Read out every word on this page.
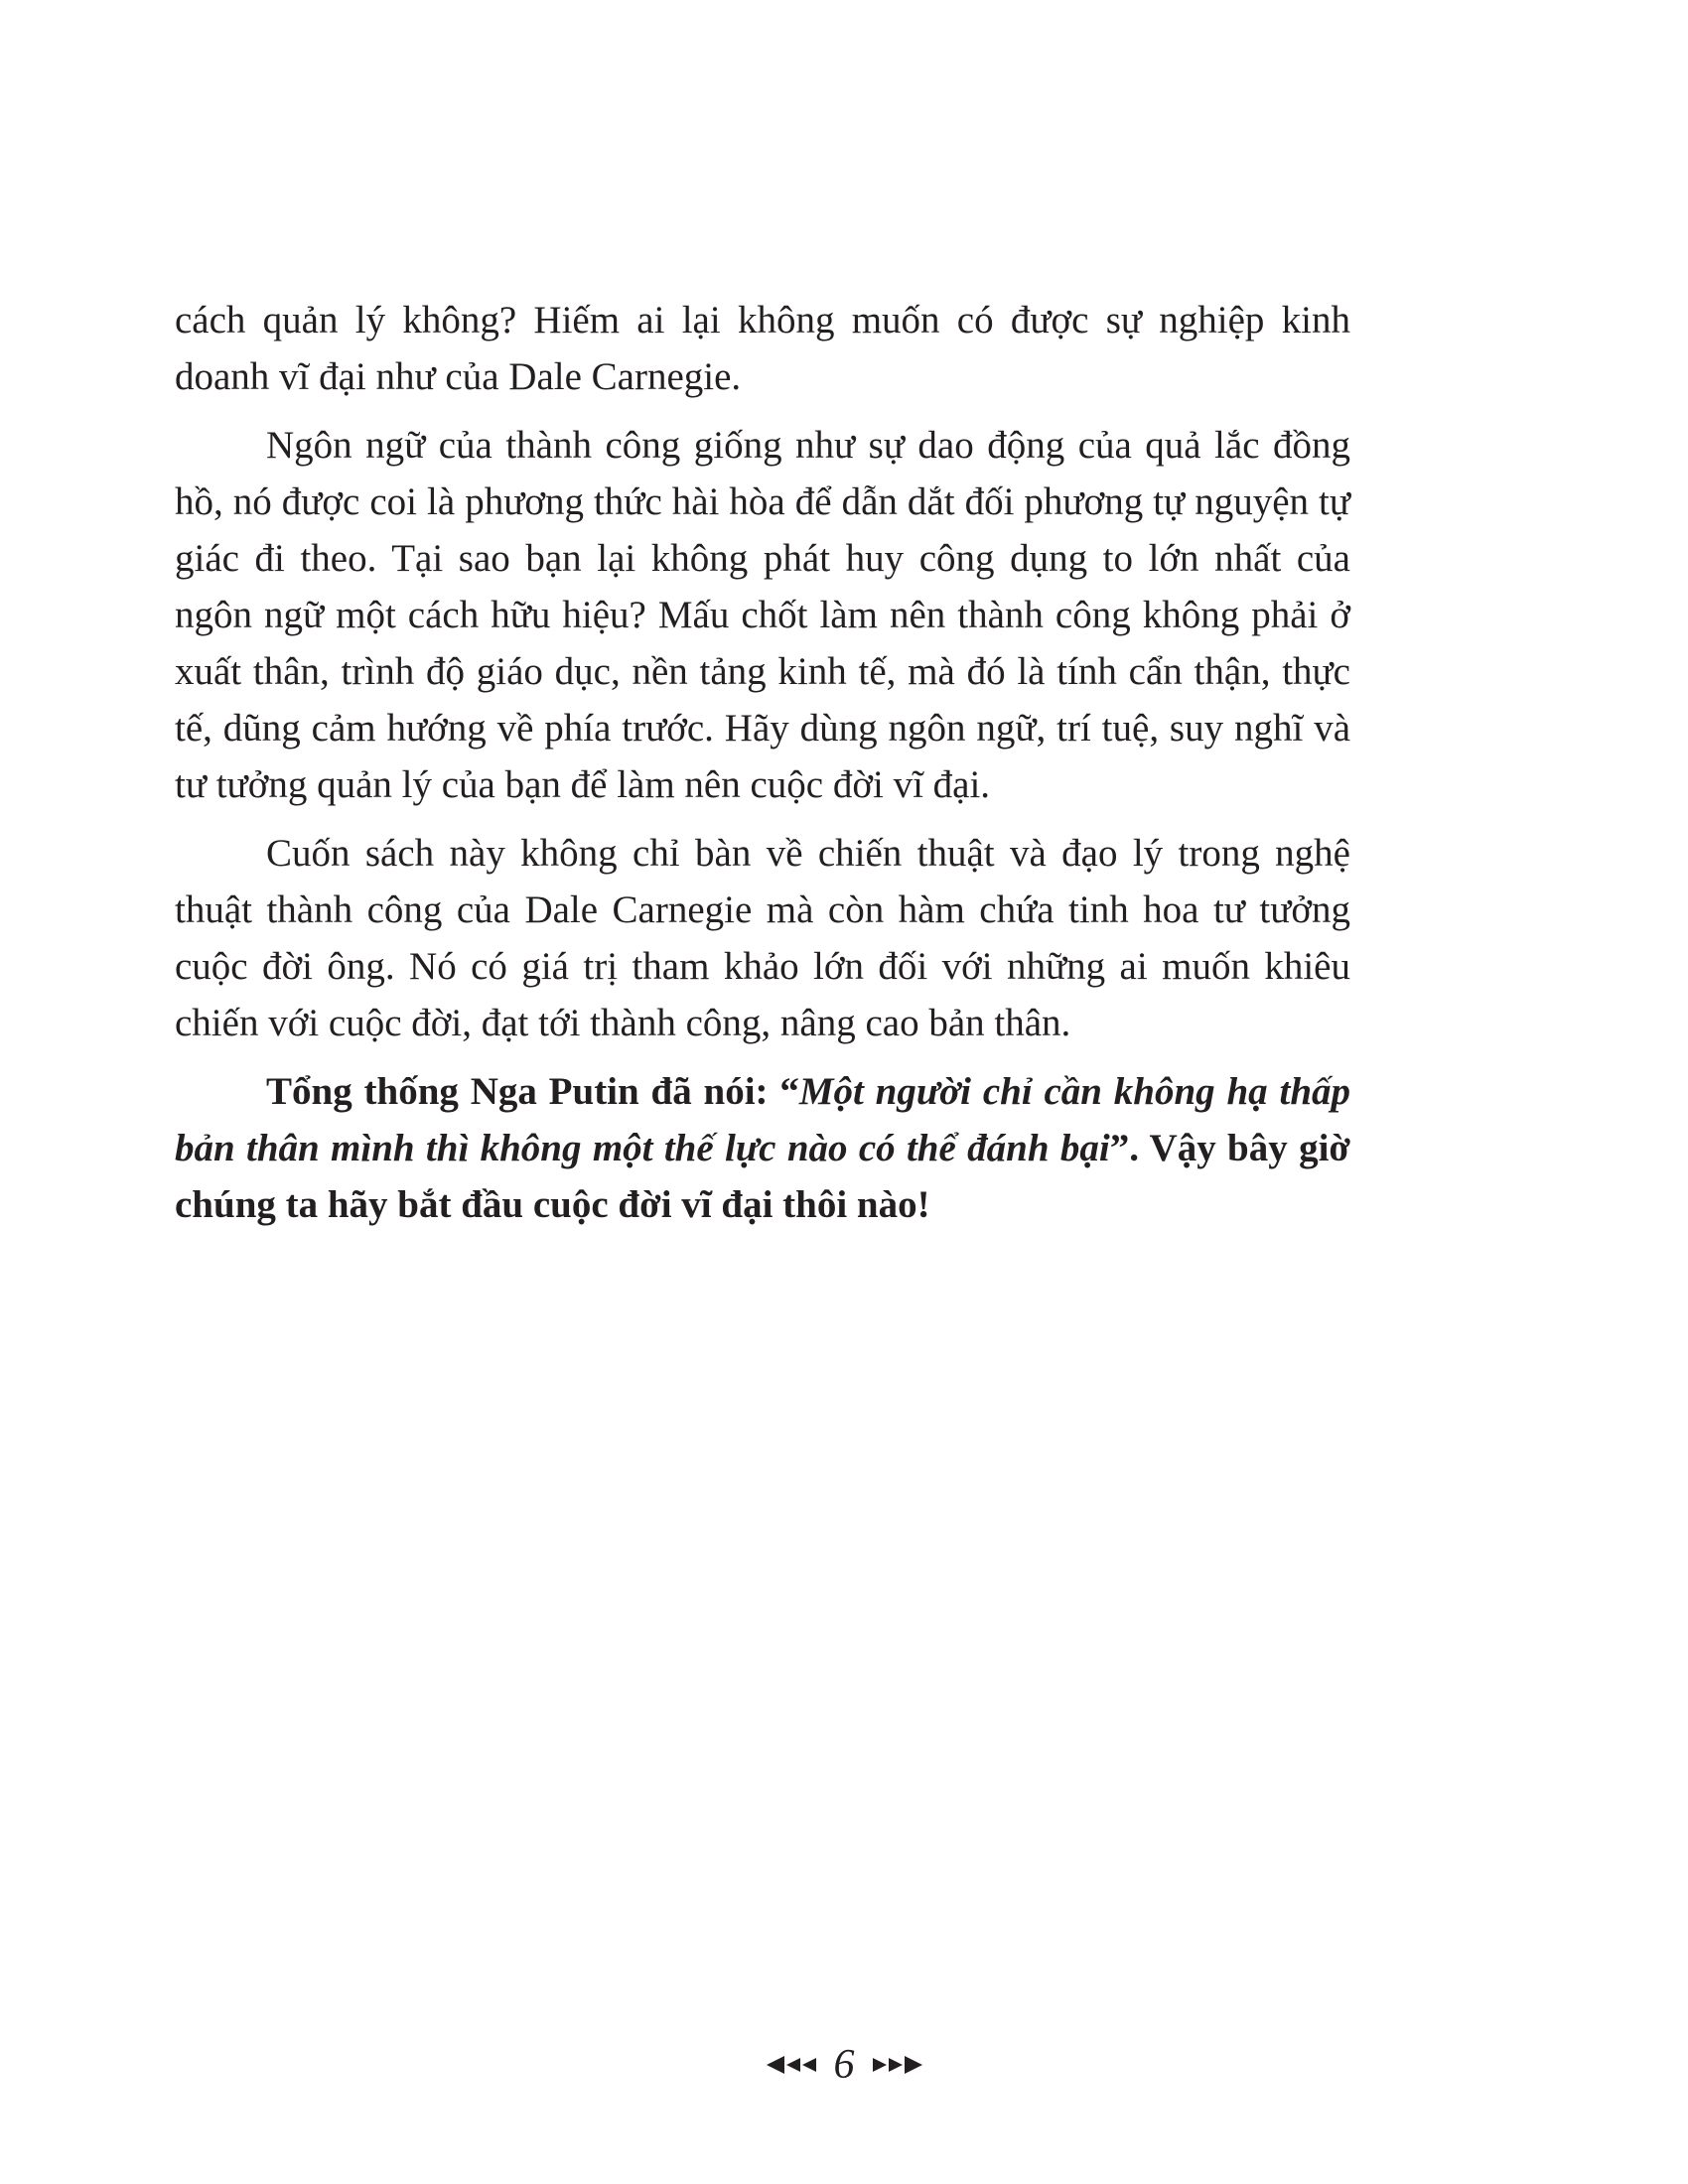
cách quản lý không? Hiếm ai lại không muốn có được sự nghiệp kinh doanh vĩ đại như của Dale Carnegie.

Ngôn ngữ của thành công giống như sự dao động của quả lắc đồng hồ, nó được coi là phương thức hài hòa để dẫn dắt đối phương tự nguyện tự giác đi theo. Tại sao bạn lại không phát huy công dụng to lớn nhất của ngôn ngữ một cách hữu hiệu? Mấu chốt làm nên thành công không phải ở xuất thân, trình độ giáo dục, nền tảng kinh tế, mà đó là tính cẩn thận, thực tế, dũng cảm hướng về phía trước. Hãy dùng ngôn ngữ, trí tuệ, suy nghĩ và tư tưởng quản lý của bạn để làm nên cuộc đời vĩ đại.

Cuốn sách này không chỉ bàn về chiến thuật và đạo lý trong nghệ thuật thành công của Dale Carnegie mà còn hàm chứa tinh hoa tư tưởng cuộc đời ông. Nó có giá trị tham khảo lớn đối với những ai muốn khiêu chiến với cuộc đời, đạt tới thành công, nâng cao bản thân.

Tổng thống Nga Putin đã nói: “Một người chỉ cần không hạ thấp bản thân mình thì không một thế lực nào có thể đánh bại”. Vậy bây giờ chúng ta hãy bắt đầu cuộc đời vĩ đại thôi nào!

6
